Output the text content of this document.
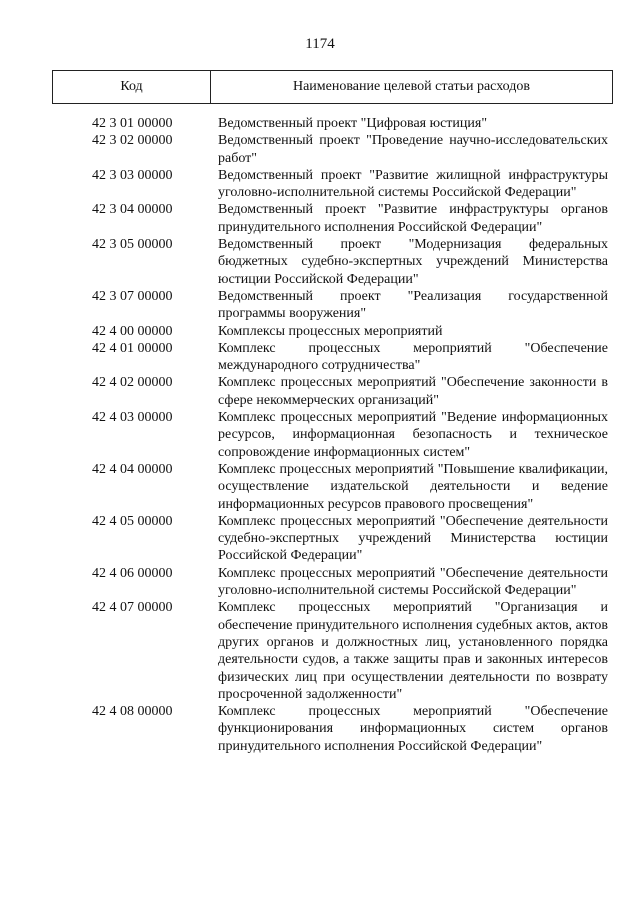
1174
Код	Наименование целевой статьи расходов
42 3 01 00000	Ведомственный проект "Цифровая юстиция"
42 3 02 00000	Ведомственный проект "Проведение научно-исследовательских работ"
42 3 03 00000	Ведомственный проект "Развитие жилищной инфраструктуры уголовно-исполнительной системы Российской Федерации"
42 3 04 00000	Ведомственный проект "Развитие инфраструктуры органов принудительного исполнения Российской Федерации"
42 3 05 00000	Ведомственный проект "Модернизация федеральных бюджетных судебно-экспертных учреждений Министерства юстиции Российской Федерации"
42 3 07 00000	Ведомственный проект "Реализация государственной программы вооружения"
42 4 00 00000	Комплексы процессных мероприятий
42 4 01 00000	Комплекс процессных мероприятий "Обеспечение международного сотрудничества"
42 4 02 00000	Комплекс процессных мероприятий "Обеспечение законности в сфере некоммерческих организаций"
42 4 03 00000	Комплекс процессных мероприятий "Ведение информационных ресурсов, информационная безопасность и техническое сопровождение информационных систем"
42 4 04 00000	Комплекс процессных мероприятий "Повышение квалификации, осуществление издательской деятельности и ведение информационных ресурсов правового просвещения"
42 4 05 00000	Комплекс процессных мероприятий "Обеспечение деятельности судебно-экспертных учреждений Министерства юстиции Российской Федерации"
42 4 06 00000	Комплекс процессных мероприятий "Обеспечение деятельности уголовно-исполнительной системы Российской Федерации"
42 4 07 00000	Комплекс процессных мероприятий "Организация и обеспечение принудительного исполнения судебных актов, актов других органов и должностных лиц, установленного порядка деятельности судов, а также защиты прав и законных интересов физических лиц при осуществлении деятельности по возврату просроченной задолженности"
42 4 08 00000	Комплекс процессных мероприятий "Обеспечение функционирования информационных систем органов принудительного исполнения Российской Федерации"
